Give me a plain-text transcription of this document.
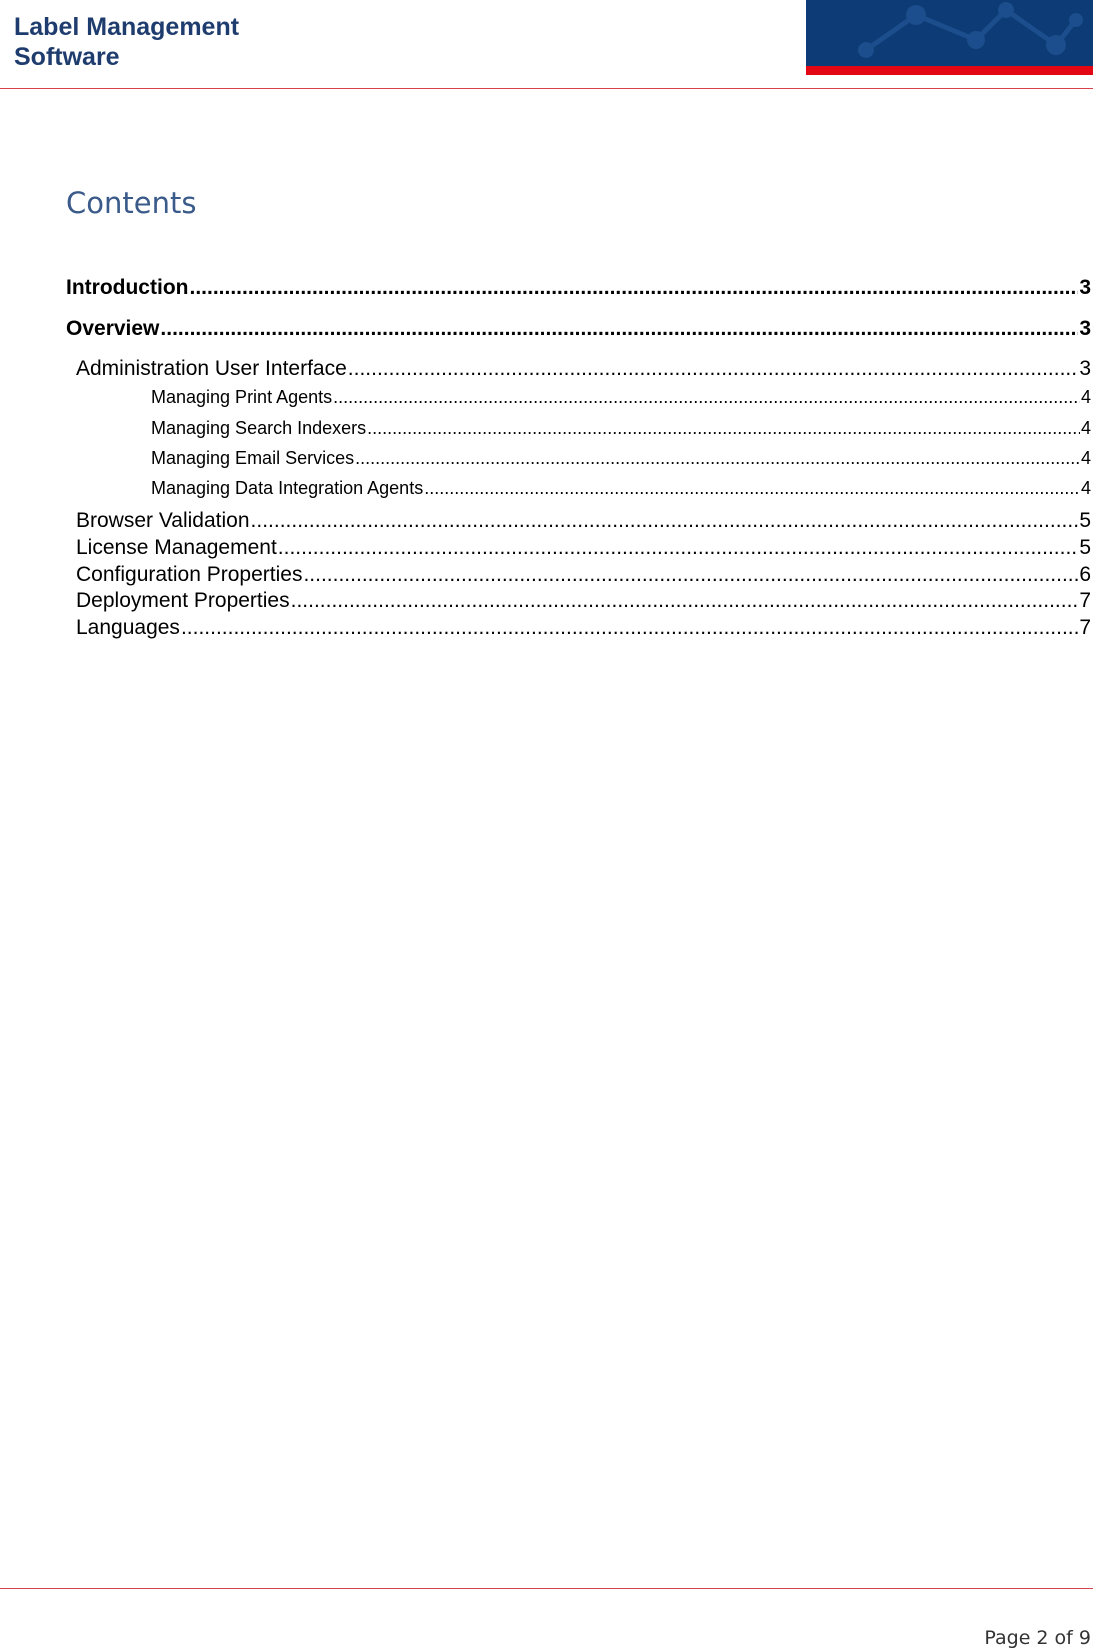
Label Management
Software
Contents
Introduction .....	3
Overview .....	3
Administration User Interface .....	3
Managing Print Agents .....	4
Managing Search Indexers .....	4
Managing Email Services .....	4
Managing Data Integration Agents .....	4
Browser Validation .....	5
License Management .....	5
Configuration Properties .....	6
Deployment Properties .....	7
Languages .....	7
Page 2 of 9
